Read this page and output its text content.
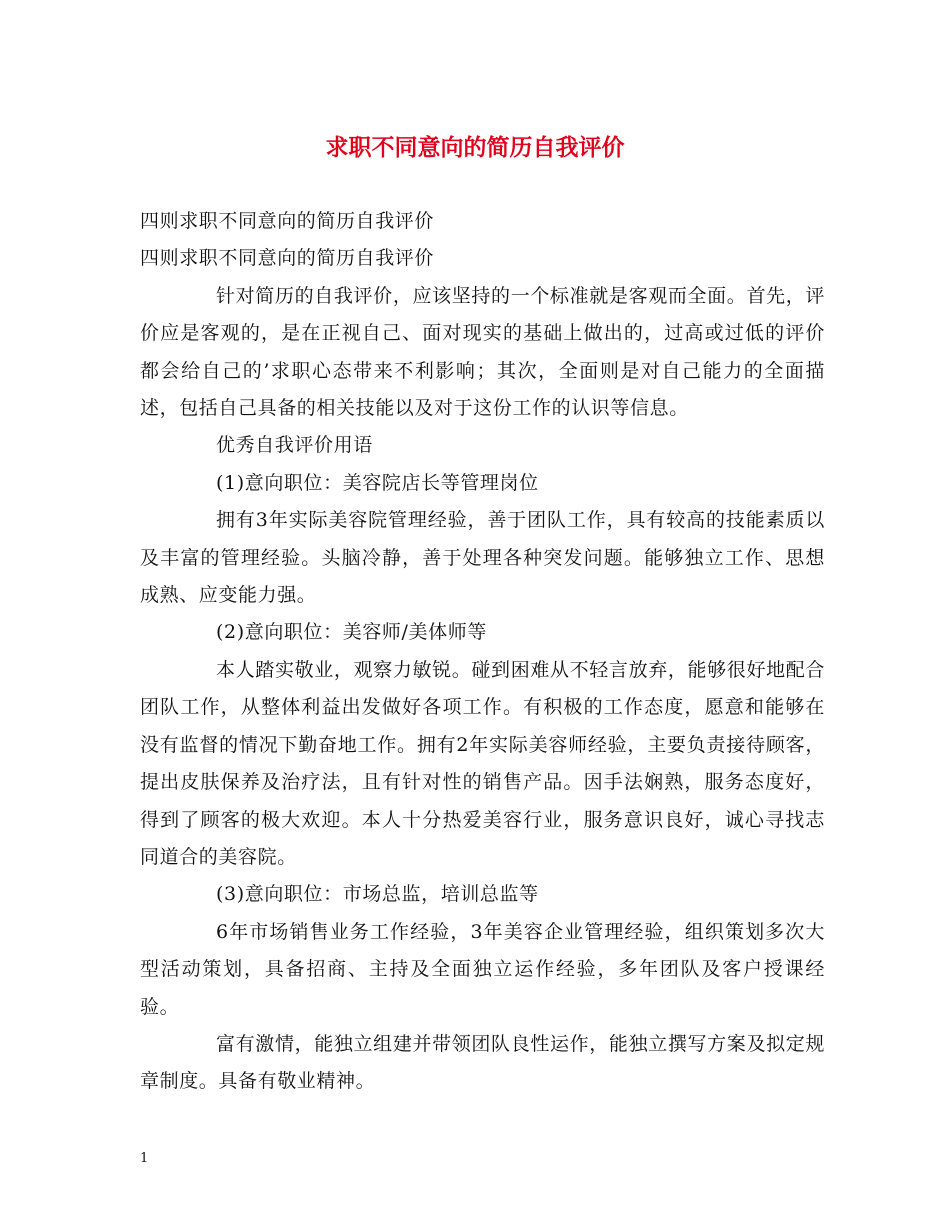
求职不同意向的简历自我评价

四则求职不同意向的简历自我评价

四则求职不同意向的简历自我评价

针对简历的自我评价，应该坚持的一个标准就是客观而全面。首先，评价应是客观的，是在正视自己、面对现实的基础上做出的，过高或过低的评价都会给自己的’求职心态带来不利影响；其次，全面则是对自己能力的全面描述，包括自己具备的相关技能以及对于这份工作的认识等信息。

优秀自我评价用语

(1)意向职位：美容院店长等管理岗位

拥有3年实际美容院管理经验，善于团队工作，具有较高的技能素质以及丰富的管理经验。头脑冷静，善于处理各种突发问题。能够独立工作、思想成熟、应变能力强。

(2)意向职位：美容师/美体师等

本人踏实敬业，观察力敏锐。碰到困难从不轻言放弃，能够很好地配合团队工作，从整体利益出发做好各项工作。有积极的工作态度，愿意和能够在没有监督的情况下勤奋地工作。拥有2年实际美容师经验，主要负责接待顾客，提出皮肤保养及治疗法，且有针对性的销售产品。因手法娴熟，服务态度好，得到了顾客的极大欢迎。本人十分热爱美容行业，服务意识良好，诚心寻找志同道合的美容院。

(3)意向职位：市场总监，培训总监等

6年市场销售业务工作经验，3年美容企业管理经验，组织策划多次大型活动策划，具备招商、主持及全面独立运作经验，多年团队及客户授课经验。

富有激情，能独立组建并带领团队良性运作，能独立撰写方案及拟定规章制度。具备有敬业精神。

1
